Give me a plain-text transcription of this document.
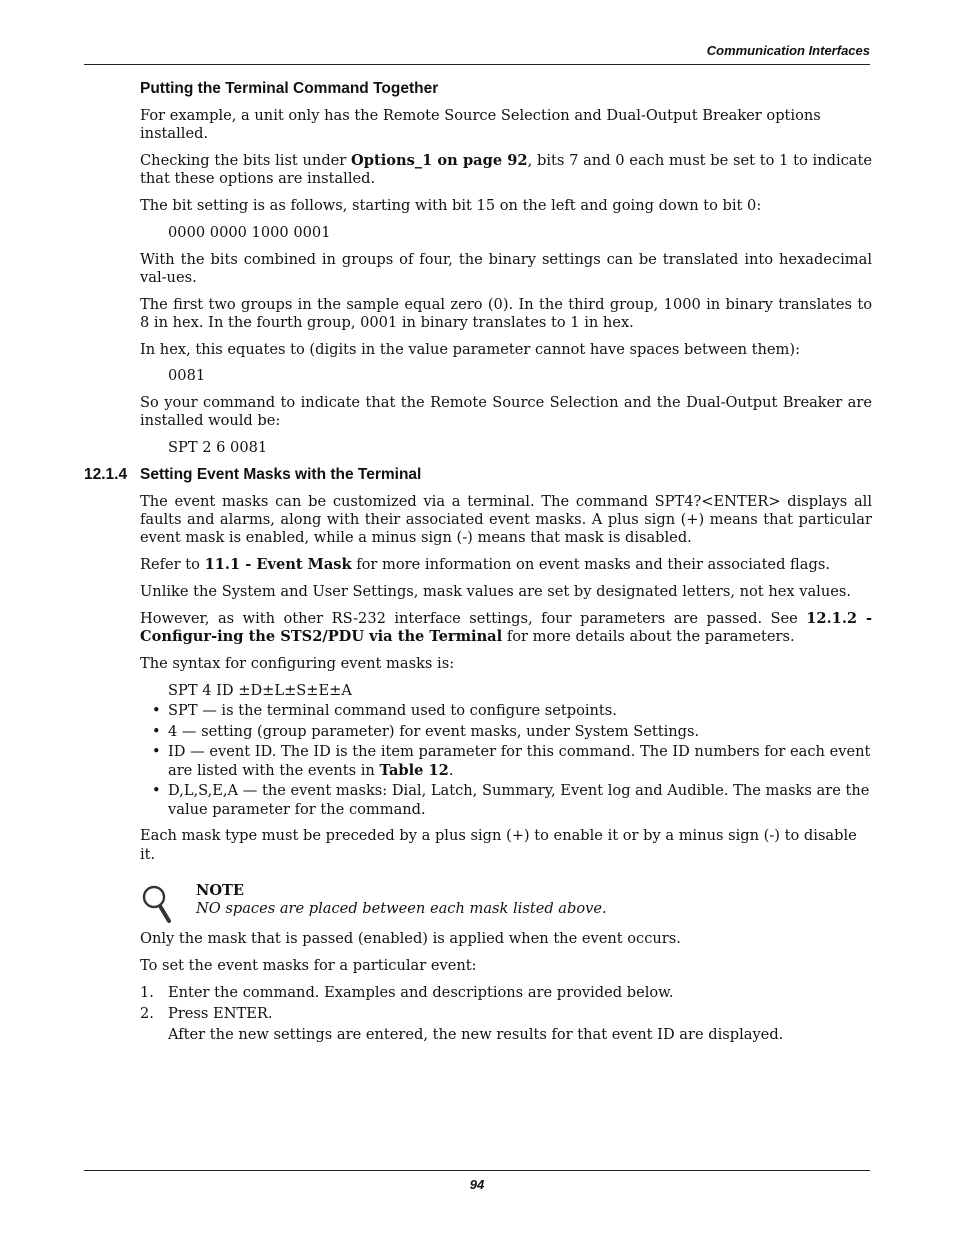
Communication Interfaces
Putting the Terminal Command Together

For example, a unit only has the Remote Source Selection and Dual-Output Breaker options installed.

Checking the bits list under Options_1 on page 92, bits 7 and 0 each must be set to 1 to indicate that these options are installed.

The bit setting is as follows, starting with bit 15 on the left and going down to bit 0:

0000 0000 1000 0001

With the bits combined in groups of four, the binary settings can be translated into hexadecimal val-ues.

The first two groups in the sample equal zero (0). In the third group, 1000 in binary translates to 8 in hex. In the fourth group, 0001 in binary translates to 1 in hex.

In hex, this equates to (digits in the value parameter cannot have spaces between them):

0081

So your command to indicate that the Remote Source Selection and the Dual-Output Breaker are installed would be:

SPT 2 6 0081

12.1.4 Setting Event Masks with the Terminal

The event masks can be customized via a terminal. The command SPT4?<ENTER> displays all faults and alarms, along with their associated event masks. A plus sign (+) means that particular event mask is enabled, while a minus sign (-) means that mask is disabled.

Refer to 11.1 - Event Mask for more information on event masks and their associated flags.

Unlike the System and User Settings, mask values are set by designated letters, not hex values.

However, as with other RS-232 interface settings, four parameters are passed. See 12.1.2 - Configur-ing the STS2/PDU via the Terminal for more details about the parameters.

The syntax for configuring event masks is:

SPT 4 ID ±D±L±S±E±A

• SPT — is the terminal command used to configure setpoints.
• 4 — setting (group parameter) for event masks, under System Settings.
• ID — event ID. The ID is the item parameter for this command. The ID numbers for each event are listed with the events in Table 12.
• D,L,S,E,A — the event masks: Dial, Latch, Summary, Event log and Audible. The masks are the value parameter for the command.

Each mask type must be preceded by a plus sign (+) to enable it or by a minus sign (-) to disable it.

NOTE
NO spaces are placed between each mask listed above.

Only the mask that is passed (enabled) is applied when the event occurs.

To set the event masks for a particular event:

1. Enter the command. Examples and descriptions are provided below.
2. Press ENTER.

After the new settings are entered, the new results for that event ID are displayed.

94
